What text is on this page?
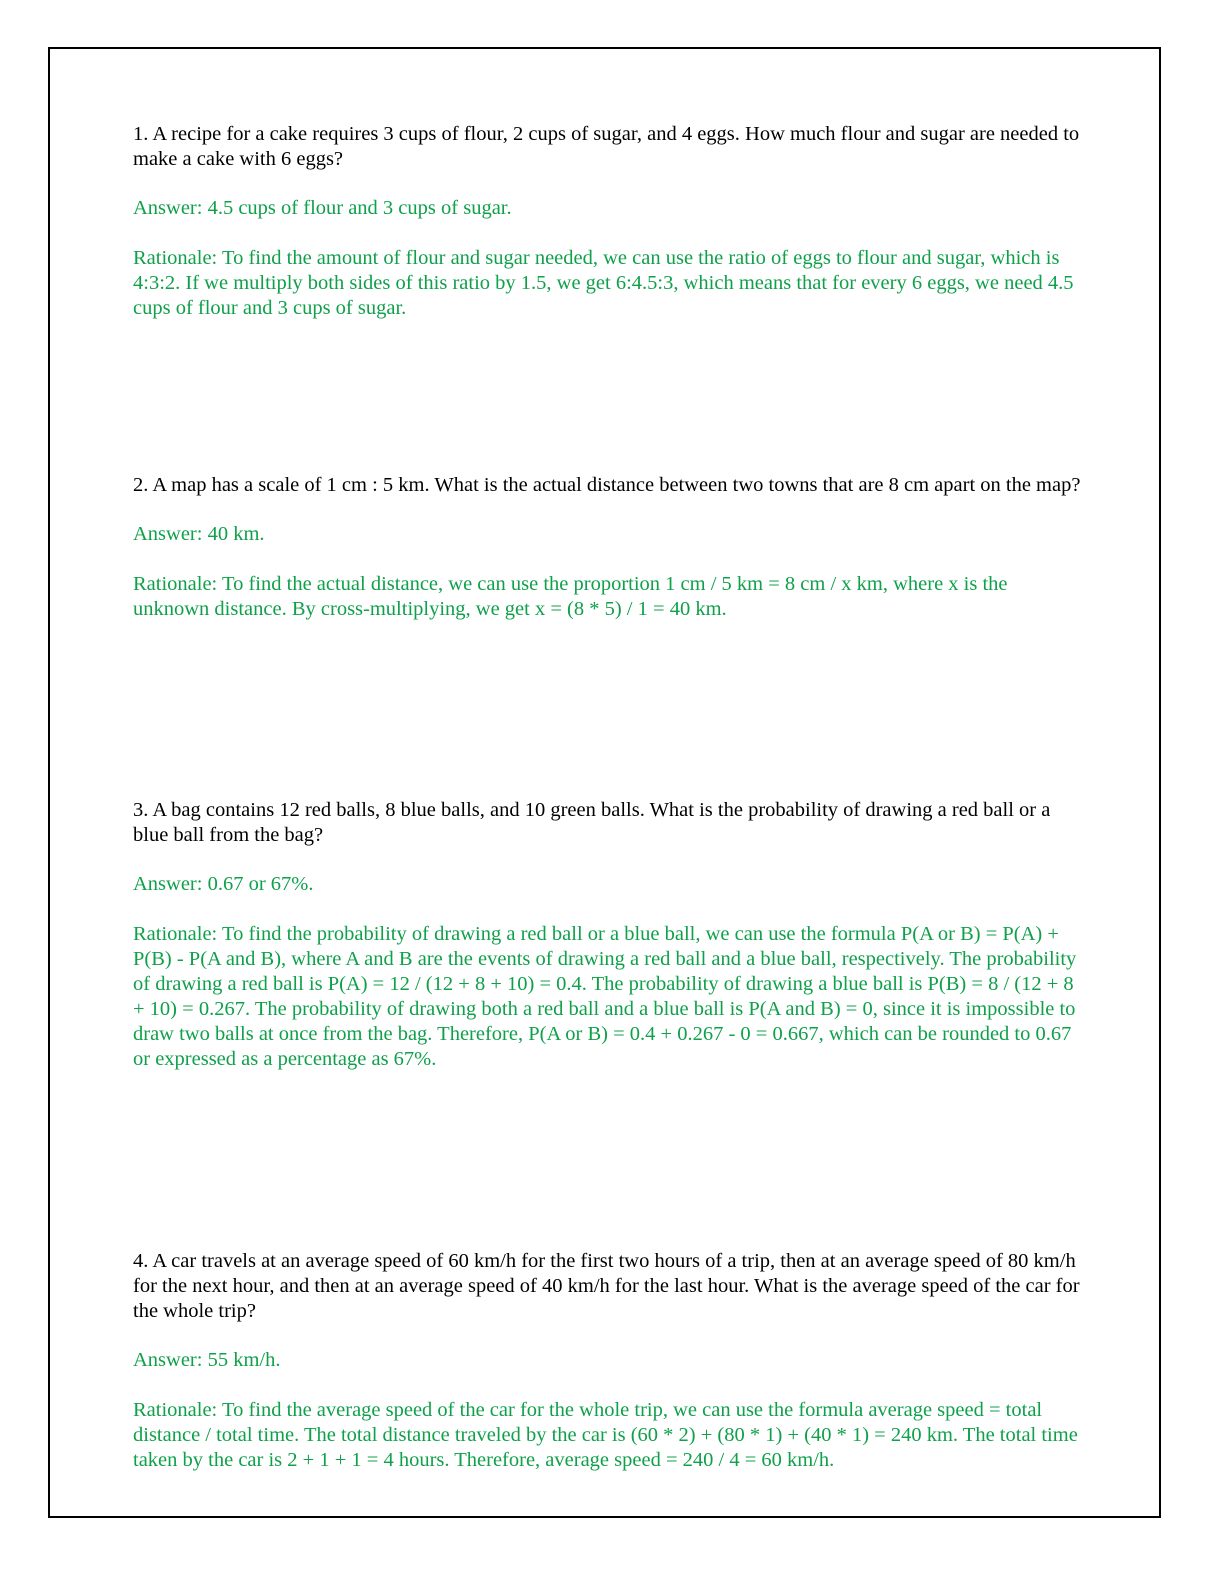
1. A recipe for a cake requires 3 cups of flour, 2 cups of sugar, and 4 eggs. How much flour and sugar are needed to make a cake with 6 eggs?

Answer: 4.5 cups of flour and 3 cups of sugar.

Rationale: To find the amount of flour and sugar needed, we can use the ratio of eggs to flour and sugar, which is 4:3:2. If we multiply both sides of this ratio by 1.5, we get 6:4.5:3, which means that for every 6 eggs, we need 4.5 cups of flour and 3 cups of sugar.

2. A map has a scale of 1 cm : 5 km. What is the actual distance between two towns that are 8 cm apart on the map?

Answer: 40 km.

Rationale: To find the actual distance, we can use the proportion 1 cm / 5 km = 8 cm / x km, where x is the unknown distance. By cross-multiplying, we get x = (8 * 5) / 1 = 40 km.

3. A bag contains 12 red balls, 8 blue balls, and 10 green balls. What is the probability of drawing a red ball or a blue ball from the bag?

Answer: 0.67 or 67%.

Rationale: To find the probability of drawing a red ball or a blue ball, we can use the formula P(A or B) = P(A) + P(B) - P(A and B), where A and B are the events of drawing a red ball and a blue ball, respectively. The probability of drawing a red ball is P(A) = 12 / (12 + 8 + 10) = 0.4. The probability of drawing a blue ball is P(B) = 8 / (12 + 8 + 10) = 0.267. The probability of drawing both a red ball and a blue ball is P(A and B) = 0, since it is impossible to draw two balls at once from the bag. Therefore, P(A or B) = 0.4 + 0.267 - 0 = 0.667, which can be rounded to 0.67 or expressed as a percentage as 67%.

4. A car travels at an average speed of 60 km/h for the first two hours of a trip, then at an average speed of 80 km/h for the next hour, and then at an average speed of 40 km/h for the last hour. What is the average speed of the car for the whole trip?

Answer: 55 km/h.

Rationale: To find the average speed of the car for the whole trip, we can use the formula average speed = total distance / total time. The total distance traveled by the car is (60 * 2) + (80 * 1) + (40 * 1) = 240 km. The total time taken by the car is 2 + 1 + 1 = 4 hours. Therefore, average speed = 240 / 4 = 60 km/h.
